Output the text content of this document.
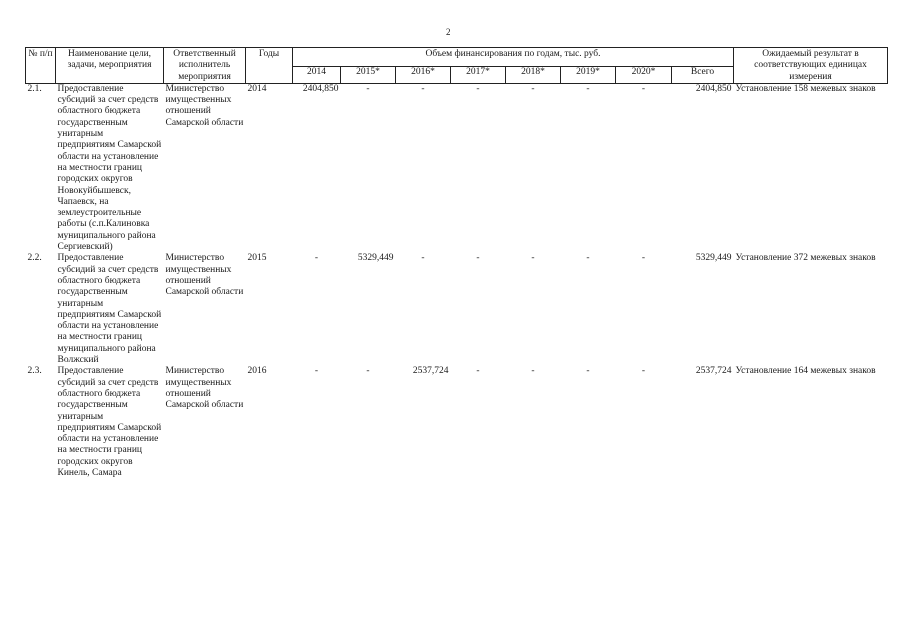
2
№ п/п	Наименование цели, задачи, мероприятия	Ответственный исполнитель мероприятия	Годы	Объем финансирования по годам, тыс. руб.								Ожидаемый результат в соответствующих единицах измерения
				2014	2015*	2016*	2017*	2018*	2019*	2020*	Всего	
2.1.	Предоставление субсидий за счет средств областного бюджета государственным унитарным предприятиям Самарской области на установление на местности границ городских округов Новокуйбышевск, Чапаевск, на землеустроительные работы (с.п.Калиновка муниципального района Сергиевский)	Министерство имущественных отношений Самарской области	2014	2404,850	-	-	-	-	-	-	2404,850	Установление 158 межевых знаков
2.2.	Предоставление субсидий за счет средств областного бюджета государственным унитарным предприятиям Самарской области на установление на местности границ муниципального района Волжский	Министерство имущественных отношений Самарской области	2015	-	5329,449	-	-	-	-	-	5329,449	Установление 372 межевых знаков
2.3.	Предоставление субсидий за счет средств областного бюджета государственным унитарным предприятиям Самарской области на установление на местности границ городских округов Кинель, Самара	Министерство имущественных отношений Самарской области	2016	-	-	2537,724	-	-	-	-	2537,724	Установление 164 межевых знаков
